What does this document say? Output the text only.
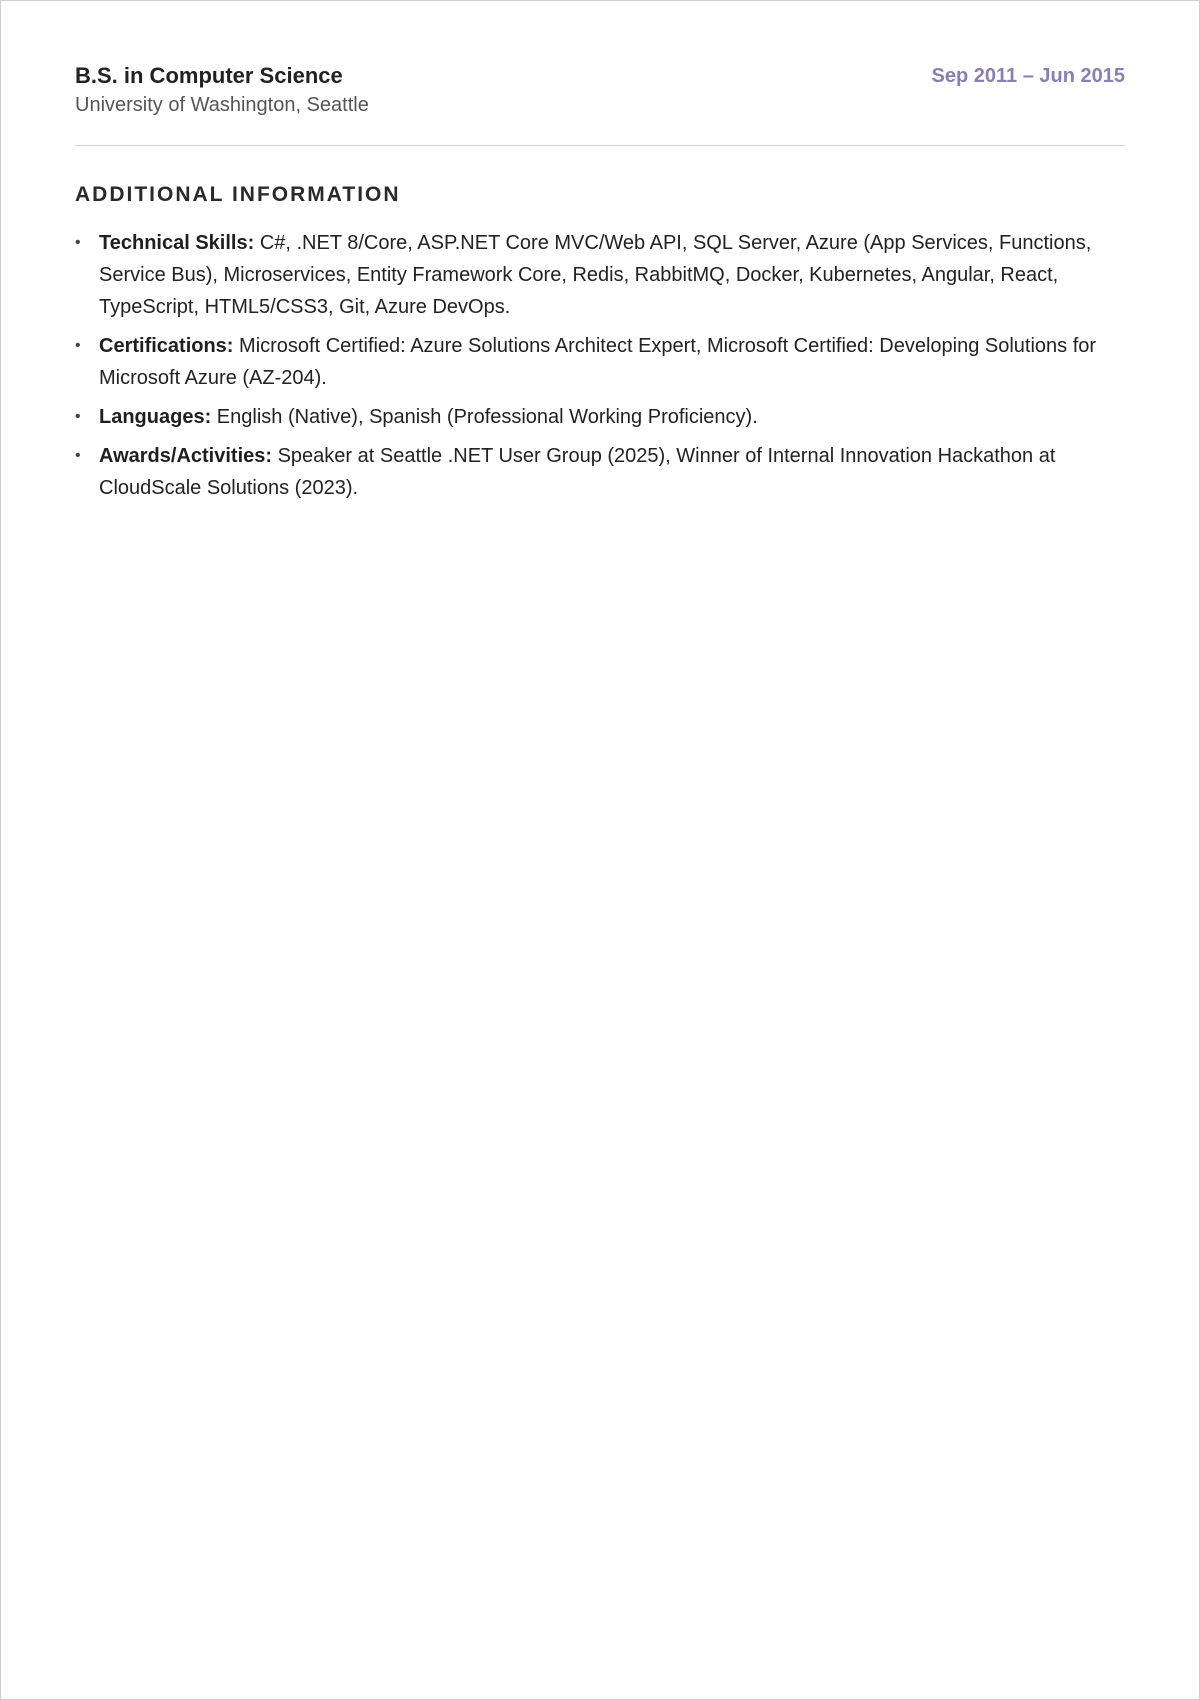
B.S. in Computer Science
University of Washington, Seattle
Sep 2011 – Jun 2015
ADDITIONAL INFORMATION
• Technical Skills: C#, .NET 8/Core, ASP.NET Core MVC/Web API, SQL Server, Azure (App Services, Functions, Service Bus), Microservices, Entity Framework Core, Redis, RabbitMQ, Docker, Kubernetes, Angular, React, TypeScript, HTML5/CSS3, Git, Azure DevOps.
• Certifications: Microsoft Certified: Azure Solutions Architect Expert, Microsoft Certified: Developing Solutions for Microsoft Azure (AZ-204).
• Languages: English (Native), Spanish (Professional Working Proficiency).
• Awards/Activities: Speaker at Seattle .NET User Group (2025), Winner of Internal Innovation Hackathon at CloudScale Solutions (2023).
